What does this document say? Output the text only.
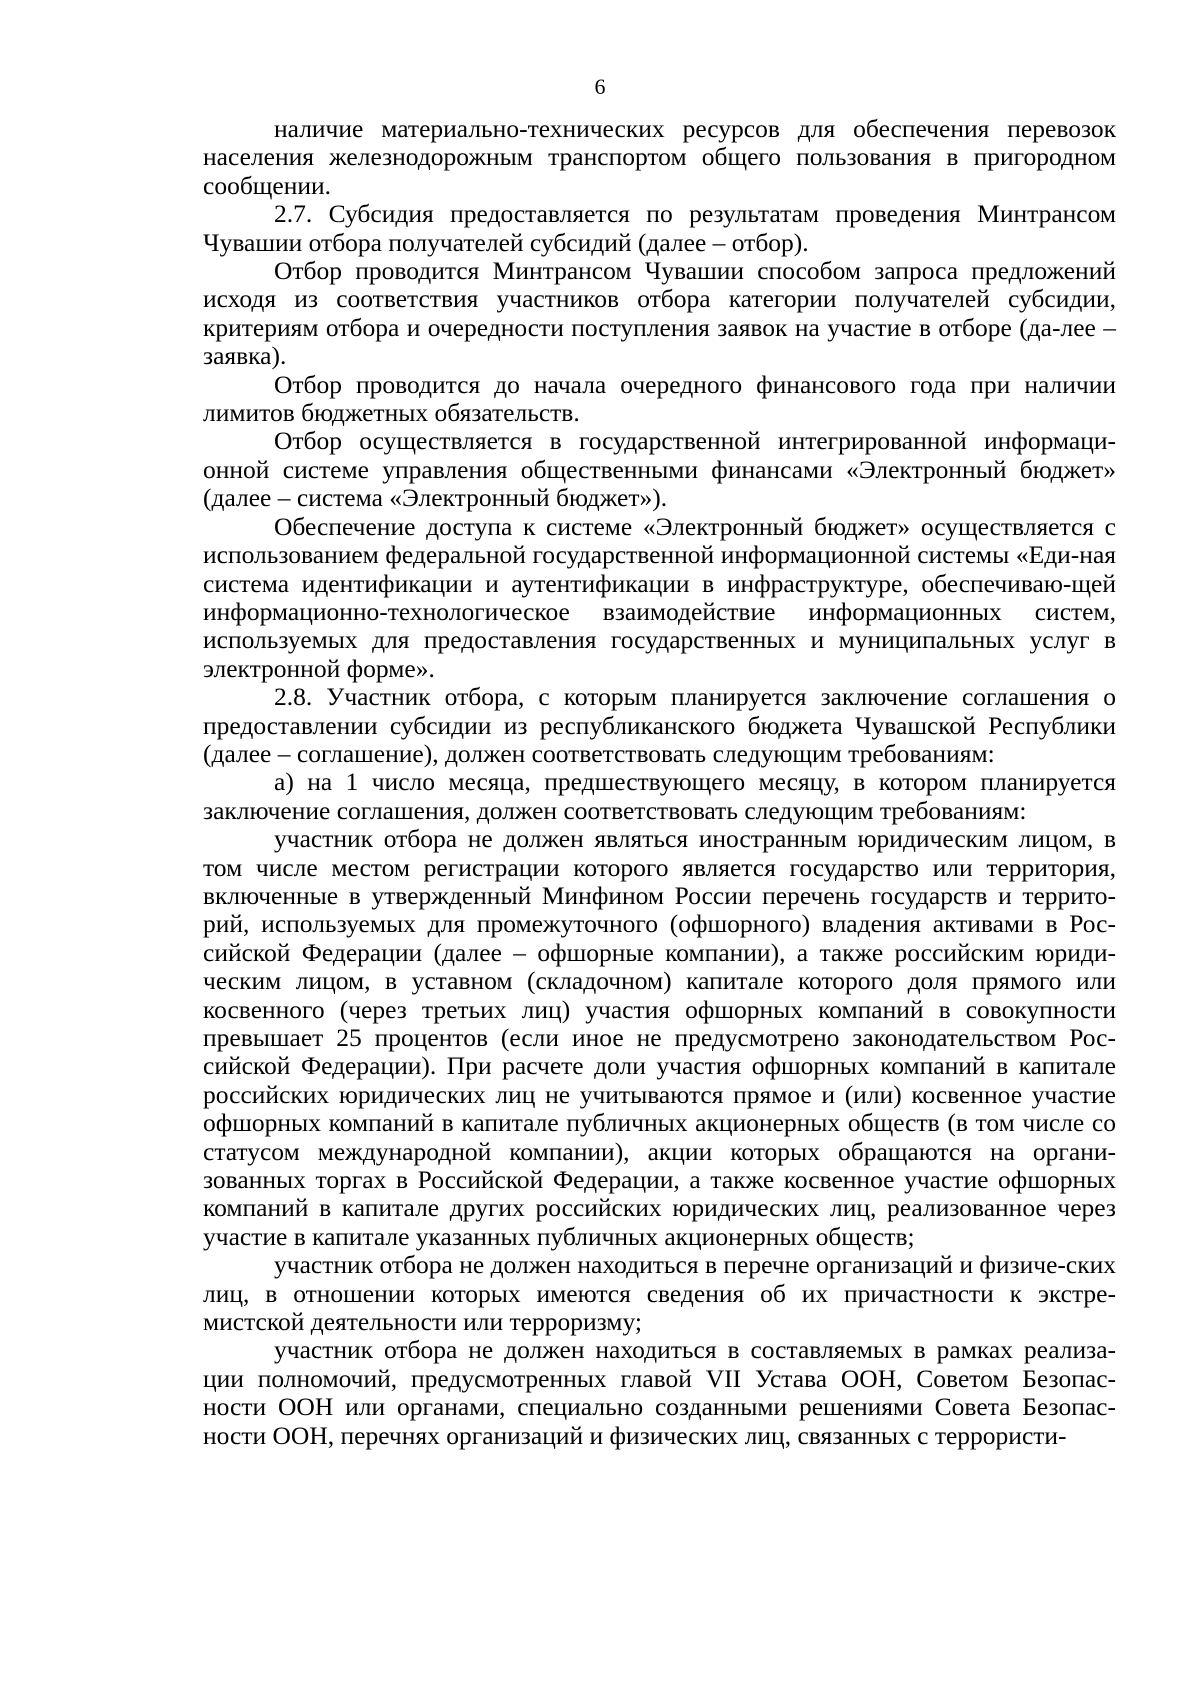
6

наличие материально-технических ресурсов для обеспечения перевозок населения железнодорожным транспортом общего пользования в пригородном сообщении.

2.7. Субсидия предоставляется по результатам проведения Минтрансом Чувашии отбора получателей субсидий (далее – отбор).

Отбор проводится Минтрансом Чувашии способом запроса предложений исходя из соответствия участников отбора категории получателей субсидии, критериям отбора и очередности поступления заявок на участие в отборе (да-лее – заявка).

Отбор проводится до начала очередного финансового года при наличии лимитов бюджетных обязательств.

Отбор осуществляется в государственной интегрированной информаци-онной системе управления общественными финансами «Электронный бюджет» (далее – система «Электронный бюджет»).

Обеспечение доступа к системе «Электронный бюджет» осуществляется с использованием федеральной государственной информационной системы «Еди-ная система идентификации и аутентификации в инфраструктуре, обеспечиваю-щей информационно-технологическое взаимодействие информационных систем, используемых для предоставления государственных и муниципальных услуг в электронной форме».

2.8. Участник отбора, с которым планируется заключение соглашения о предоставлении субсидии из республиканского бюджета Чувашской Республики (далее – соглашение), должен соответствовать следующим требованиям:

а) на 1 число месяца, предшествующего месяцу, в котором планируется заключение соглашения, должен соответствовать следующим требованиям:

участник отбора не должен являться иностранным юридическим лицом, в том числе местом регистрации которого является государство или территория, включенные в утвержденный Минфином России перечень государств и террито-рий, используемых для промежуточного (офшорного) владения активами в Рос-сийской Федерации (далее – офшорные компании), а также российским юриди-ческим лицом, в уставном (складочном) капитале которого доля прямого или косвенного (через третьих лиц) участия офшорных компаний в совокупности превышает 25 процентов (если иное не предусмотрено законодательством Рос-сийской Федерации). При расчете доли участия офшорных компаний в капитале российских юридических лиц не учитываются прямое и (или) косвенное участие офшорных компаний в капитале публичных акционерных обществ (в том числе со статусом международной компании), акции которых обращаются на органи-зованных торгах в Российской Федерации, а также косвенное участие офшорных компаний в капитале других российских юридических лиц, реализованное через участие в капитале указанных публичных акционерных обществ;

участник отбора не должен находиться в перечне организаций и физиче-ских лиц, в отношении которых имеются сведения об их причастности к экстре-мистской деятельности или терроризму;

участник отбора не должен находиться в составляемых в рамках реализа-ции полномочий, предусмотренных главой VII Устава ООН, Советом Безопас-ности ООН или органами, специально созданными решениями Совета Безопас-ности ООН, перечнях организаций и физических лиц, связанных с террористи-
